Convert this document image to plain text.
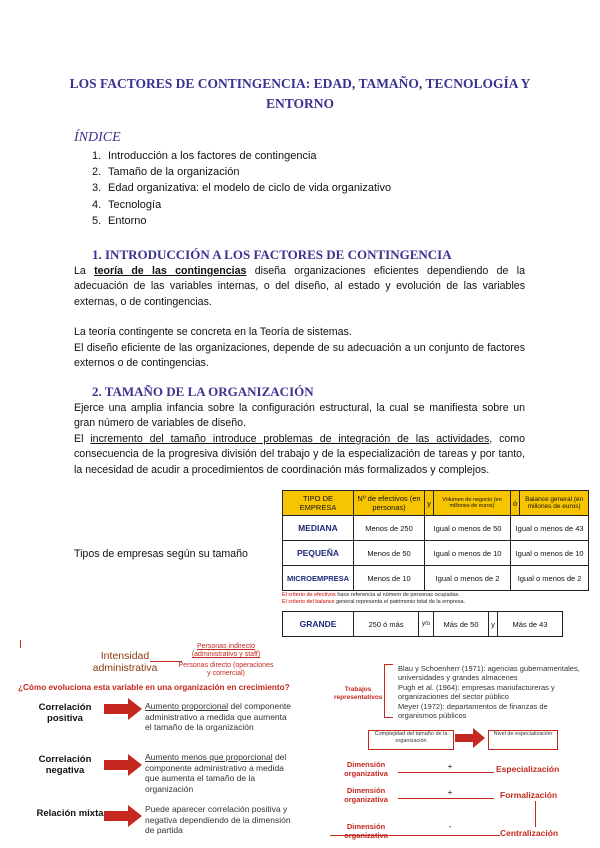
LOS FACTORES DE CONTINGENCIA: EDAD, TAMAÑO, TECNOLOGÍA Y ENTORNO
ÍNDICE
1. Introducción a los factores de contingencia
2. Tamaño de la organización
3. Edad organizativa: el modelo de ciclo de vida organizativo
4. Tecnología
5. Entorno
1. INTRODUCCIÓN A LOS FACTORES DE CONTINGENCIA

La teoría de las contingencias diseña organizaciones eficientes dependiendo de la adecuación de las variables internas, o del diseño, al estado y evolución de las variables externas, o de contingencias.

La teoría contingente se concreta en la Teoría de sistemas.

El diseño eficiente de las organizaciones, depende de su adecuación a un conjunto de factores externos o de contingencias.

2. TAMAÑO DE LA ORGANIZACIÓN

Ejerce una amplia infancia sobre la configuración estructural, la cual se manifiesta sobre un gran número de variables de diseño.

El incremento del tamaño introduce problemas de integración de las actividades, como consecuencia de la progresiva división del trabajo y de la especialización de tareas y por tanto, la necesidad de acudir a procedimientos de coordinación más formalizados y complejos.

Tipos de empresas según su tamaño
TIPO DE EMPRESA	Nº de efectivos (en personas)	y	Volumen de negocio (en millones de euros)	ó	Balance general (en millones de euros)
MEDIANA	Menos de 250	Igual o menos de 50		Igual o menos de 43	
PEQUEÑA	Menos de 50	Igual o menos de 10		Igual o menos de 10	
MICROEMPRESA	Menos de 10	Igual o menos de 2		Igual o menos de 2	
El criterio de efectivos hace referencia al número de personas ocupadas.
El criterio del balance general representa el patrimonio total de la empresa.
GRANDE	250 ó más	y/o	Más de 50	y	Más de 43
Intensidad administrativa
Personas indirecto (administrativo y staff)
Personas directo (operaciones y comercial)
¿Cómo evoluciona esta variable en una organización en crecimiento?
Correlación positiva
Aumento proporcional del componente administrativo a medida que aumenta el tamaño de la organización
Correlación negativa
Aumento menos que proporcional del componente administrativo a medida que aumenta el tamaño de la organización
Relación mixta	Puede aparecer correlación positiva y negativa dependiendo de la dimensión de partida
Trabajos representativos
Blau y Schoenherr (1971): agencias gubernamentales, universidades y grandes almacenes
Pugh et al. (1964): empresas manufactureras y organizaciones del sector público
Meyer (1972): departamentos de finanzas de organismos públicos
Complejidad del tamaño de la organización
Nivel de especialización
Dimensión organizativa
+	Especialización
Dimensión organizativa
+	Formalización
Dimensión	-
Centralización
